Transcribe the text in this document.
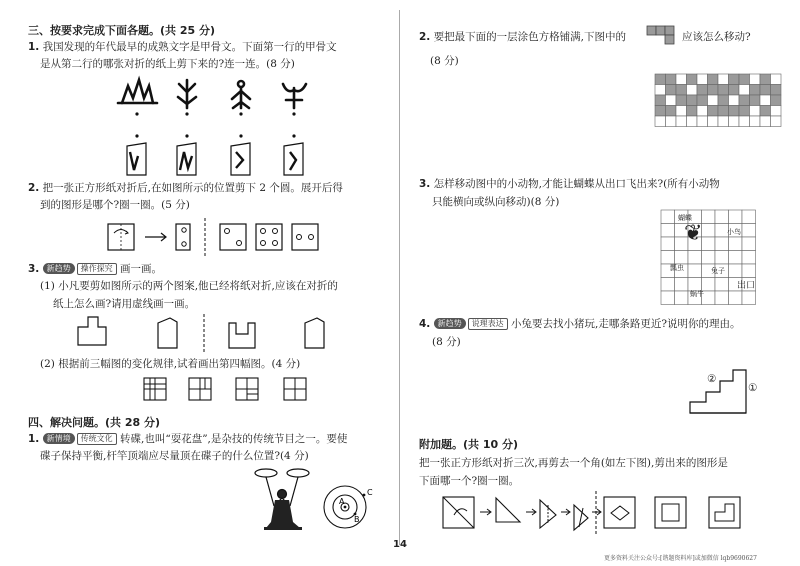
三、按要求完成下面各题。(共 25 分)
1. 我国发现的年代最早的成熟文字是甲骨文。下面第一行的甲骨文
是从第二行的哪张对折的纸上剪下来的?连一连。(8 分)
2. 把一张正方形纸对折后,在如图所示的位置剪下 2 个圆。展开后得
到的图形是哪个?圈一圈。(5 分)
3. 新趋势 操作探究 画一画。
(1) 小凡要剪如图所示的两个图案,他已经将纸对折,应该在对折的
纸上怎么画?请用虚线画一画。
(2) 根据前三幅图的变化规律,试着画出第四幅图。(4 分)
四、解决问题。(共 28 分)
1. 新情境 传统文化 转碟,也叫“耍花盘”,是杂技的传统节目之一。要使
碟子保持平衡,杆竿顶端应尽量顶在碟子的什么位置?(4 分)
A
B
C
2. 要把最下面的一层涂色方格铺满,下图中的	应该怎么移动?
(8 分)
3. 怎样移动图中的小动物,才能让蝴蝶从出口飞出来?(所有小动物
只能横向或纵向移动)(8 分)
蝴蝶
小鸟
瓢虫	兔子
蜗牛
出口
❦
4. 新趋势 说理表达 小兔要去找小猪玩,走哪条路更近?说明你的理由。
(8 分)
②
①
附加题。(共 10 分)
把一张正方形纸对折三次,再剪去一个角(如左下图),剪出来的图形是
下面哪一个?圈一圈。
14
更多资料关注公众号:[谐题资料库]或加微信 lqb9690627
